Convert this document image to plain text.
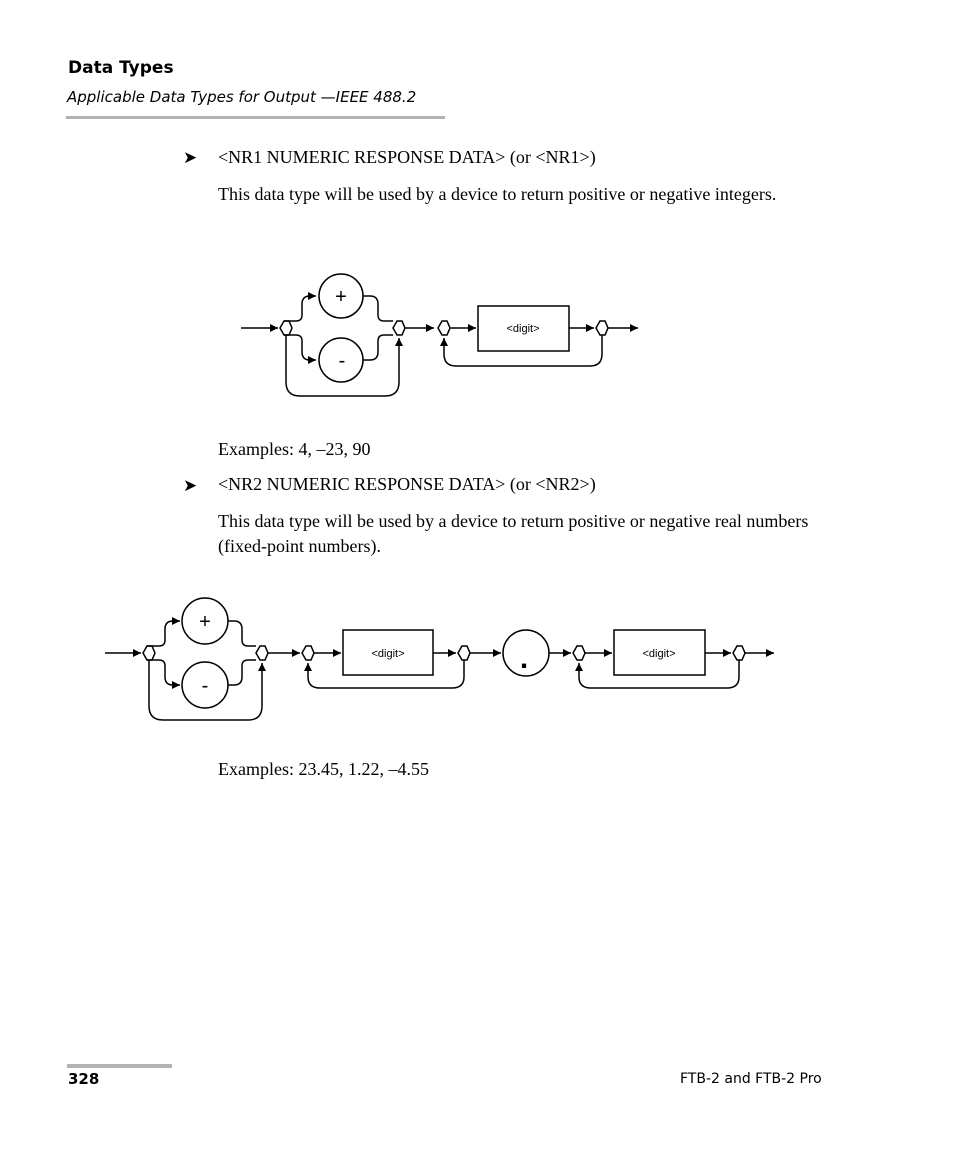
Data Types
Applicable Data Types for Output —IEEE 488.2
➤ <NR1 NUMERIC RESPONSE DATA> (or <NR1>)
This data type will be used by a device to return positive or negative integers.
+
-
<digit>
Examples: 4, –23, 90
➤ <NR2 NUMERIC RESPONSE DATA> (or <NR2>)
This data type will be used by a device to return positive or negative real numbers (fixed-point numbers).
+
-
.
<digit>	<digit>
Examples: 23.45, 1.22, –4.55
328	FTB-2 and FTB-2 Pro
